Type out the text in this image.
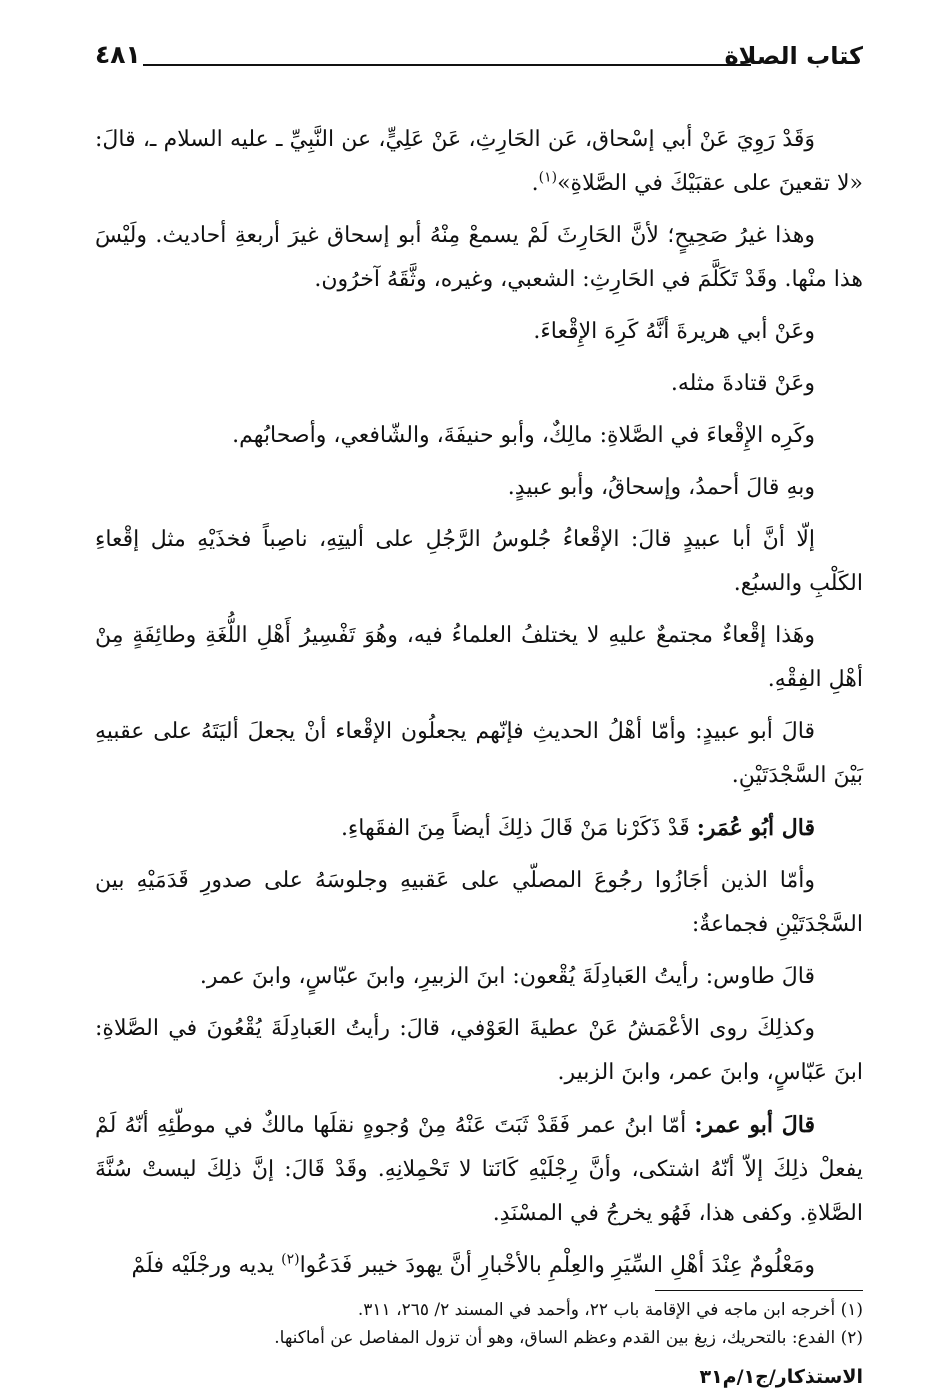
كتاب الصلاة
٤٨١

وَقَدْ رَوِيَ عَنْ أبي إسْحاق، عَن الحَارِثِ، عَنْ عَلِيٍّ، عن النَّبِيِّ ـ عليه السلام ـ، قالَ: «لا تقعينَ على عقبَيْكَ في الصَّلاةِ»$^{(١)}$.

وهذا غيرُ صَحِيحٍ؛ لأنَّ الحَارِثَ لَمْ يسمعْ مِنْهُ أبو إسحاق غيرَ أربعةِ أحاديث. ولَيْسَ هذا منْها. وقَدْ تَكَلَّمَ في الحَارِثِ: الشعبي، وغيره، وثَّقَهُ آخرُون.

وعَنْ أبي هريرةَ أنَّهُ كَرِهَ الإِقْعاءَ.

وعَنْ قتادةَ مثله.

وكَرِه الإِقْعاءَ في الصَّلاةِ: مالِكٌ، وأبو حنيفَةَ، والشّافعي، وأصحابُهم.

وبهِ قالَ أحمدُ، وإسحاقُ، وأبو عبيدٍ.

إلّا أنَّ أبا عبيدٍ قالَ: الإقْعاءُ جُلوسُ الرَّجُلِ على أليتِهِ، ناصِباً فخذَيْهِ مثل إقْعاءِ الكَلْبِ والسبُع.

وهَذا إقْعاءٌ مجتمعٌ عليهِ لا يختلفُ العلماءُ فيه، وهُوَ تَفْسِيرُ أَهْلِ اللُّغَةِ وطائِفَةٍ مِنْ أهْلِ الفِقْهِ.

قالَ أبو عبيدٍ: وأمّا أهْلُ الحديثِ فإنّهم يجعلُون الإقْعاء أنْ يجعلَ أليَتَهُ على عقبيهِ بَيْنَ السَّجْدَتَيْنِ.

قال أبُو عُمَر: قَدْ ذَكَرْنا مَنْ قَالَ ذلِكَ أيضاً مِنَ الفقَهاءِ.

وأمّا الذين أجَازُوا رجُوعَ المصلّي على عَقبيهِ وجلوسَهُ على صدورِ قَدَمَيْهِ بين السَّجْدَتَيْنِ فجماعةٌ:

قالَ طاوس: رأيتُ العَبادِلَةَ يُقْعون: ابنَ الزبيرِ، وابنَ عبّاسٍ، وابنَ عمر.

وكذلِكَ روى الأعْمَشُ عَنْ عطيةَ العَوْفي، قالَ: رأيتُ العَبادِلَةَ يُقْعُونَ في الصَّلاةِ: ابنَ عَبّاسٍ، وابنَ عمر، وابنَ الزبير.

قالَ أبو عمر: أمّا ابنُ عمر فَقَدْ ثَبَتَ عَنْهُ مِنْ وُجوهٍ نقلَها مالكٌ في موطّئِهِ أنّهُ لَمْ يفعلْ ذلِكَ إلاّ أنّهُ اشتكى، وأنَّ رِجْلَيْهِ كَانَتا لا تَحْمِلانِهِ. وقَدْ قَالَ: إنَّ ذلِكَ ليستْ سُنَّةَ الصَّلاةِ. وكفى هذا، فَهُو يخرجُ في المسْنَدِ.

ومَعْلُومٌ عِنْدَ أهْلِ السِّيَرِ والعِلْمِ بالأخْبارِ أنَّ يهودَ خيبر فَدَعُوا$^{(٢)}$ يديه ورجْلَيْه فلَمْ

(١) أخرجه ابن ماجه في الإقامة باب ٢٢، وأحمد في المسند ٢/ ٢٦٥، ٣١١.

(٢) الفدع: بالتحريك، زيغ بين القدم وعظم الساق، وهو أن تزول المفاصل عن أماكنها.

الاستذكار/ج١/م٣١
